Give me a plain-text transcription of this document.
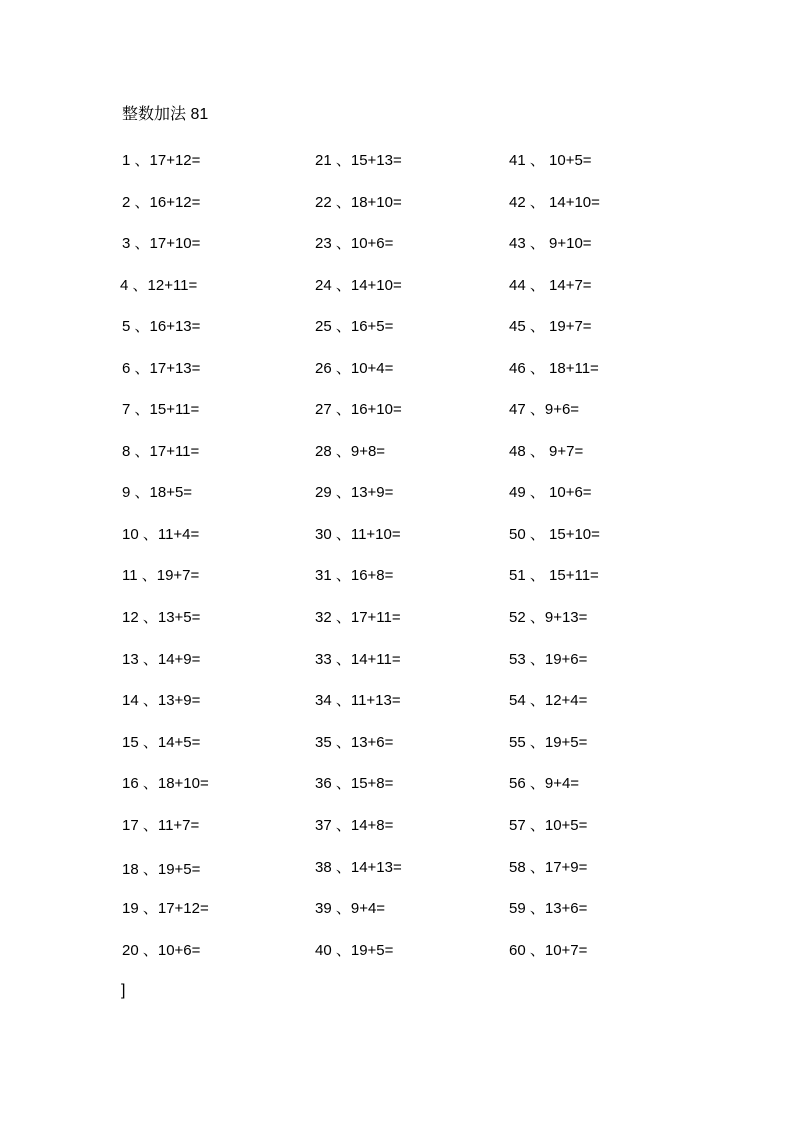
整数加法 81
1 、17+12=
2 、16+12=
3 、17+10=
4 、12+11=
5 、16+13=
6 、17+13=
7 、15+11=
8 、17+11=
9 、18+5=
10 、11+4=
11 、19+7=
12 、13+5=
13 、14+9=
14 、13+9=
15 、14+5=
16 、18+10=
17 、11+7=
18 、19+5=
19 、17+12=
20 、10+6=
21 、15+13=
22 、18+10=
23 、10+6=
24 、14+10=
25 、16+5=
26 、10+4=
27 、16+10=
28 、9+8=
29 、13+9=
30 、11+10=
31 、16+8=
32 、17+11=
33 、14+11=
34 、11+13=
35 、13+6=
36 、15+8=
37 、14+8=
38 、14+13=
39 、9+4=
40 、19+5=
41 、 10+5=
42 、 14+10=
43 、 9+10=
44 、 14+7=
45 、 19+7=
46 、 18+11=
47 、9+6=
48 、 9+7=
49 、 10+6=
50 、 15+10=
51 、 15+11=
52 、9+13=
53 、19+6=
54 、12+4=
55 、19+5=
56 、9+4=
57 、10+5=
58 、17+9=
59 、13+6=
60 、10+7=
]
